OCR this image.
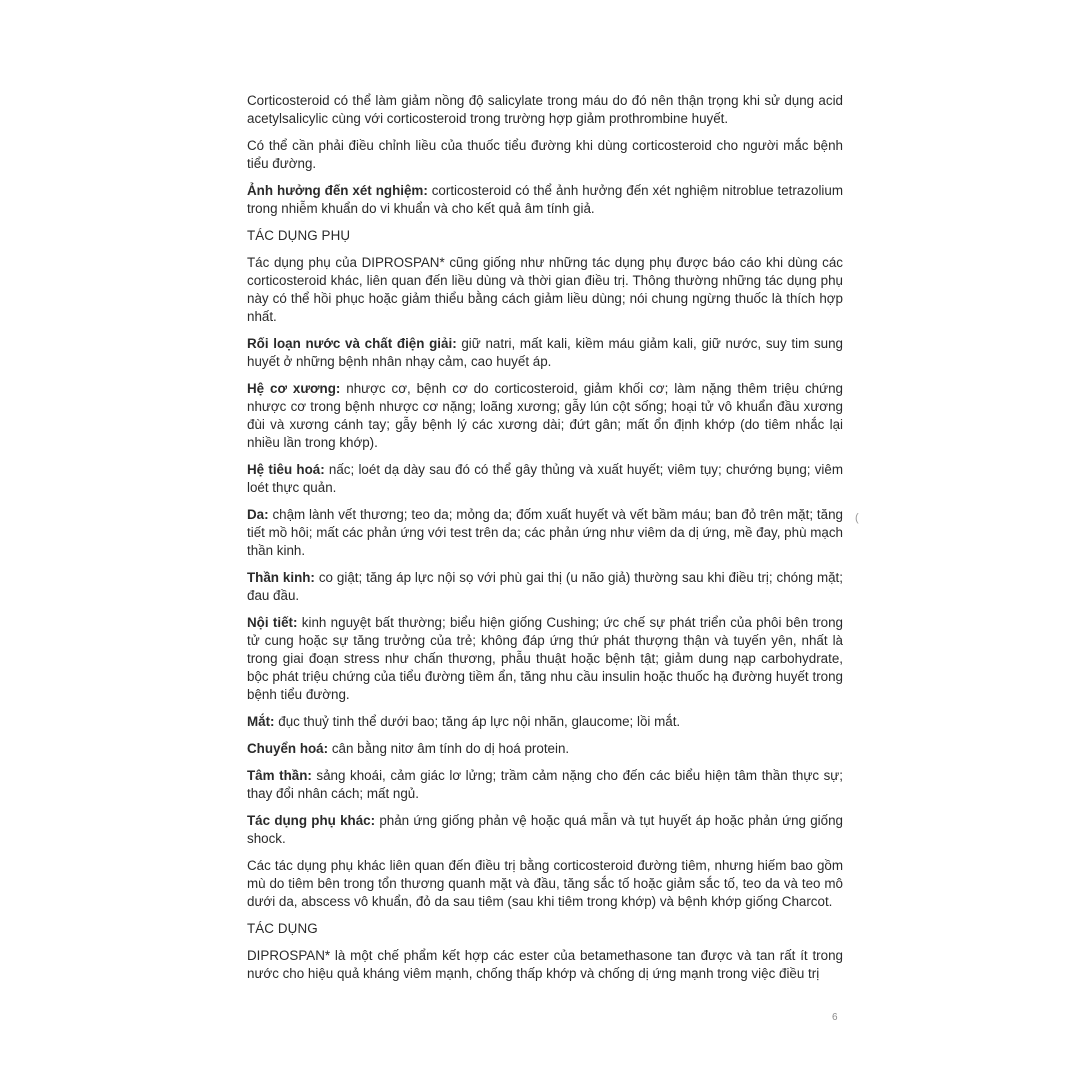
Corticosteroid có thể làm giảm nồng độ salicylate trong máu do đó nên thận trọng khi sử dụng acid acetylsalicylic cùng với corticosteroid trong trường hợp giảm prothrombine huyết.

Có thể cần phải điều chỉnh liều của thuốc tiểu đường khi dùng corticosteroid cho người mắc bệnh tiểu đường.

Ảnh hưởng đến xét nghiệm: corticosteroid có thể ảnh hưởng đến xét nghiệm nitroblue tetrazolium trong nhiễm khuẩn do vi khuẩn và cho kết quả âm tính giả.

TÁC DỤNG PHỤ

Tác dụng phụ của DIPROSPAN* cũng giống như những tác dụng phụ được báo cáo khi dùng các corticosteroid khác, liên quan đến liều dùng và thời gian điều trị. Thông thường những tác dụng phụ này có thể hồi phục hoặc giảm thiểu bằng cách giảm liều dùng; nói chung ngừng thuốc là thích hợp nhất.

Rối loạn nước và chất điện giải: giữ natri, mất kali, kiềm máu giảm kali, giữ nước, suy tim sung huyết ở những bệnh nhân nhạy cảm, cao huyết áp.

Hệ cơ xương: nhược cơ, bệnh cơ do corticosteroid, giảm khối cơ; làm nặng thêm triệu chứng nhược cơ trong bệnh nhược cơ nặng; loãng xương; gẫy lún cột sống; hoại tử vô khuẩn đầu xương đùi và xương cánh tay; gẫy bệnh lý các xương dài; đứt gân; mất ổn định khớp (do tiêm nhắc lại nhiều lần trong khớp).

Hệ tiêu hoá: nấc; loét dạ dày sau đó có thể gây thủng và xuất huyết; viêm tụy; chướng bụng; viêm loét thực quản.

Da: chậm lành vết thương; teo da; mỏng da; đốm xuất huyết và vết bầm máu; ban đỏ trên mặt; tăng tiết mồ hôi; mất các phản ứng với test trên da; các phản ứng như viêm da dị ứng, mề đay, phù mạch thần kinh.

Thần kinh: co giật; tăng áp lực nội sọ với phù gai thị (u não giả) thường sau khi điều trị; chóng mặt; đau đầu.

Nội tiết: kinh nguyệt bất thường; biểu hiện giống Cushing; ức chế sự phát triển của phôi bên trong tử cung hoặc sự tăng trưởng của trẻ; không đáp ứng thứ phát thượng thận và tuyến yên, nhất là trong giai đoạn stress như chấn thương, phẫu thuật hoặc bệnh tật; giảm dung nạp carbohydrate, bộc phát triệu chứng của tiểu đường tiềm ẩn, tăng nhu cầu insulin hoặc thuốc hạ đường huyết trong bệnh tiểu đường.

Mắt: đục thuỷ tinh thể dưới bao; tăng áp lực nội nhãn, glaucome; lồi mắt.

Chuyển hoá: cân bằng nitơ âm tính do dị hoá protein.

Tâm thần: sảng khoái, cảm giác lơ lửng; trầm cảm nặng cho đến các biểu hiện tâm thần thực sự; thay đổi nhân cách; mất ngủ.

Tác dụng phụ khác: phản ứng giống phản vệ hoặc quá mẫn và tụt huyết áp hoặc phản ứng giống shock.

Các tác dụng phụ khác liên quan đến điều trị bằng corticosteroid đường tiêm, nhưng hiếm bao gồm mù do tiêm bên trong tổn thương quanh mặt và đầu, tăng sắc tố hoặc giảm sắc tố, teo da và teo mô dưới da, abscess vô khuẩn, đỏ da sau tiêm (sau khi tiêm trong khớp) và bệnh khớp giống Charcot.

TÁC DỤNG

DIPROSPAN* là một chế phẩm kết hợp các ester của betamethasone tan được và tan rất ít trong nước cho hiệu quả kháng viêm mạnh, chống thấp khớp và chống dị ứng mạnh trong việc điều trị

(
6
